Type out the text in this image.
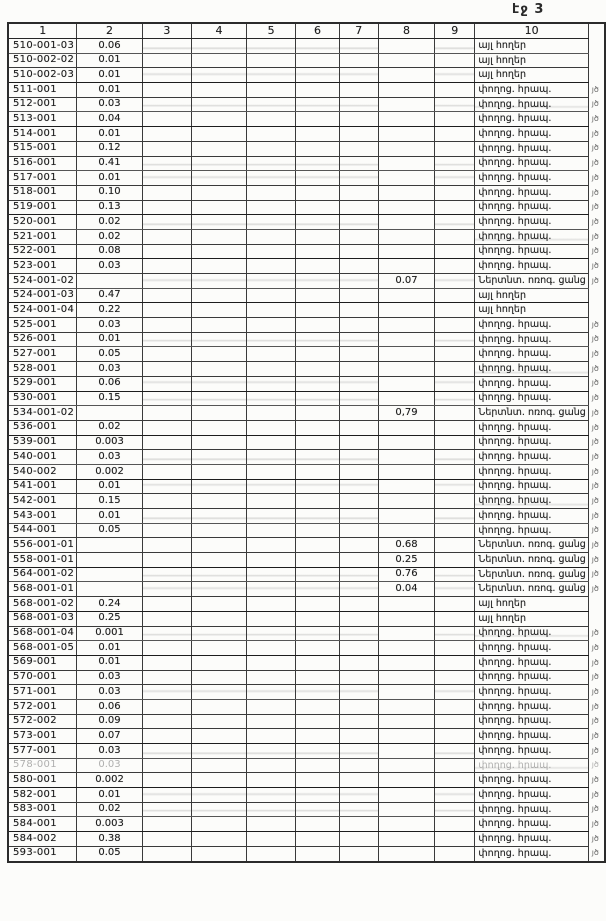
էջ 3
1	2	3	4	5	6	7	8	9	10	
510-001-03	0.06								այլ հողեր	
510-002-02	0.01								այլ հողեր	
510-002-03	0.01								այլ հողեր	
511-001	0.01								փողոց. հրապ.	յծ
512-001	0.03								փողոց. հրապ.	յծ
513-001	0.04								փողոց. հրապ.	յծ
514-001	0.01								փողոց. հրապ.	յծ
515-001	0.12								փողոց. հրապ.	յծ
516-001	0.41								փողոց. հրապ.	յծ
517-001	0.01								փողոց. հրապ.	յծ
518-001	0.10								փողոց. հրապ.	յծ
519-001	0.13								փողոց. հրապ.	յծ
520-001	0.02								փողոց. հրապ.	յծ
521-001	0.02								փողոց. հրապ.	յծ
522-001	0.08								փողոց. հրապ.	յծ
523-001	0.03								փողոց. հրապ.	յծ
524-001-02							0.07		Ներտնտ. ոռոգ. ցանց	յծ
524-001-03	0.47								այլ հողեր	
524-001-04	0.22								այլ հողեր	
525-001	0.03								փողոց. հրապ.	յծ
526-001	0.01								փողոց. հրապ.	յծ
527-001	0.05								փողոց. հրապ.	յծ
528-001	0.03								փողոց. հրապ.	յծ
529-001	0.06								փողոց. հրապ.	յծ
530-001	0.15								փողոց. հրապ.	յծ
534-001-02							0,79		Ներտնտ. ոռոգ. ցանց	յծ
536-001	0.02								փողոց. հրապ.	յծ
539-001	0.003								փողոց. հրապ.	յծ
540-001	0.03								փողոց. հրապ.	յծ
540-002	0.002								փողոց. հրապ.	յծ
541-001	0.01								փողոց. հրապ.	յծ
542-001	0.15								փողոց. հրապ.	յծ
543-001	0.01								փողոց. հրապ.	յծ
544-001	0.05								փողոց. հրապ.	յծ
556-001-01							0.68		Ներտնտ. ոռոգ. ցանց	յծ
558-001-01							0.25		Ներտնտ. ոռոգ. ցանց	յծ
564-001-02							0.76		Ներտնտ. ոռոգ. ցանց	յծ
568-001-01							0.04		Ներտնտ. ոռոգ. ցանց	յծ
568-001-02	0.24								այլ հողեր	
568-001-03	0.25								այլ հողեր	
568-001-04	0.001								փողոց. հրապ.	յծ
568-001-05	0.01								փողոց. հրապ.	յծ
569-001	0.01								փողոց. հրապ.	յծ
570-001	0.03								փողոց. հրապ.	յծ
571-001	0.03								փողոց. հրապ.	յծ
572-001	0.06								փողոց. հրապ.	յծ
572-002	0.09								փողոց. հրապ.	յծ
573-001	0.07								փողոց. հրապ.	յծ
577-001	0.03								փողոց. հրապ.	յծ
578-001	0.03								փողոց. հրապ.	յծ
580-001	0.002								փողոց. հրապ.	յծ
582-001	0.01								փողոց. հրապ.	յծ
583-001	0.02								փողոց. հրապ.	յծ
584-001	0.003								փողոց. հրապ.	յծ
584-002	0.38								փողոց. հրապ.	յծ
593-001	0.05								փողոց. հրապ.	յծ
